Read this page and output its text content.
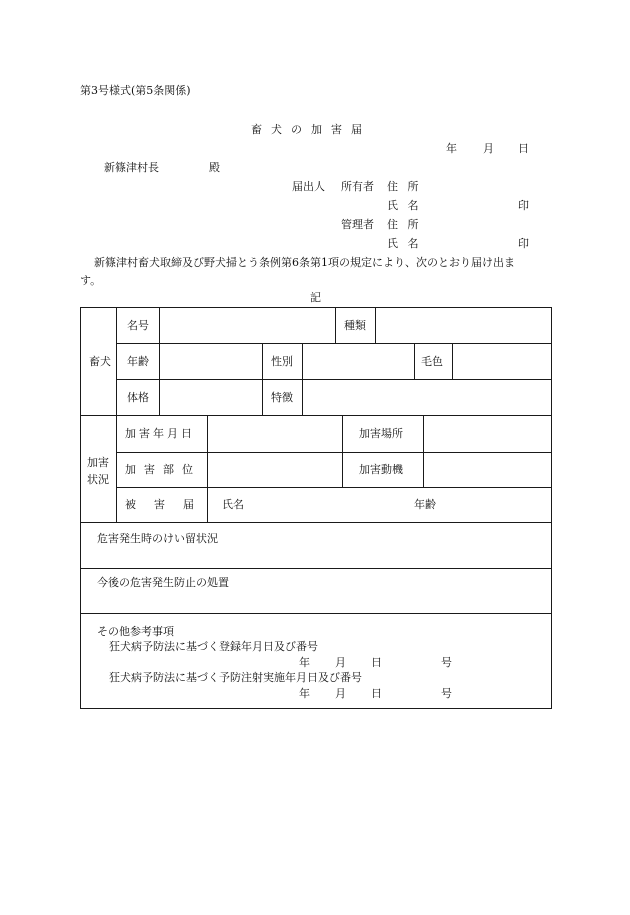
第3号様式(第5条関係)
畜犬の加害届
年 月 日
新篠津村長	殿
届出人 所有者 住 所
氏 名	印
管理者 住 所
氏 名	印
新篠津村畜犬取締及び野犬掃とう条例第6条第1項の規定により、次のとおり届け出ま
す。
記
畜犬
名号	種類
年齢	性別	毛色
体格	特徴
加害
状況
加害年月日	加害場所
加害部位	加害動機
被害届 氏名	年齢
危害発生時のけい留状況
今後の危害発生防止の処置
その他参考事項
狂犬病予防法に基づく登録年月日及び番号
年 月 日	号
狂犬病予防法に基づく予防注射実施年月日及び番号
年 月 日	号
